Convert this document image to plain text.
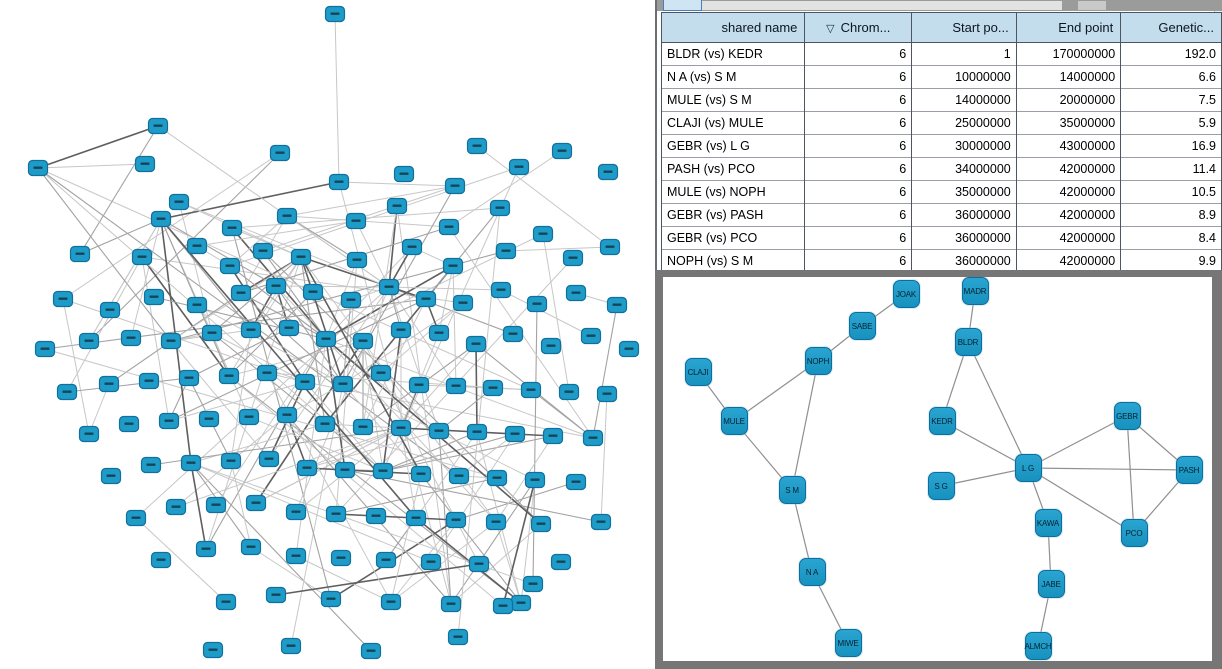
shared name	▽ Chrom...	Start po...	End point	Genetic...
BLDR (vs) KEDR	6	1	170000000	192.0
N A (vs) S M	6	10000000	14000000	6.6
MULE (vs) S M	6	14000000	20000000	7.5
CLAJI (vs) MULE	6	25000000	35000000	5.9
GEBR (vs) L G	6	30000000	43000000	16.9
PASH (vs) PCO	6	34000000	42000000	11.4
MULE (vs) NOPH	6	35000000	42000000	10.5
GEBR (vs) PASH	6	36000000	42000000	8.9
GEBR (vs) PCO	6	36000000	42000000	8.4
NOPH (vs) S M	6	36000000	42000000	9.9
JOAK	MADR
SABE
BLDR
NOPH
CLAJI
MULE	KEDR
GEBR
L G
S G
PASH
S M
KAWA
PCO
N A
JABE
MIWE	ALMCH
